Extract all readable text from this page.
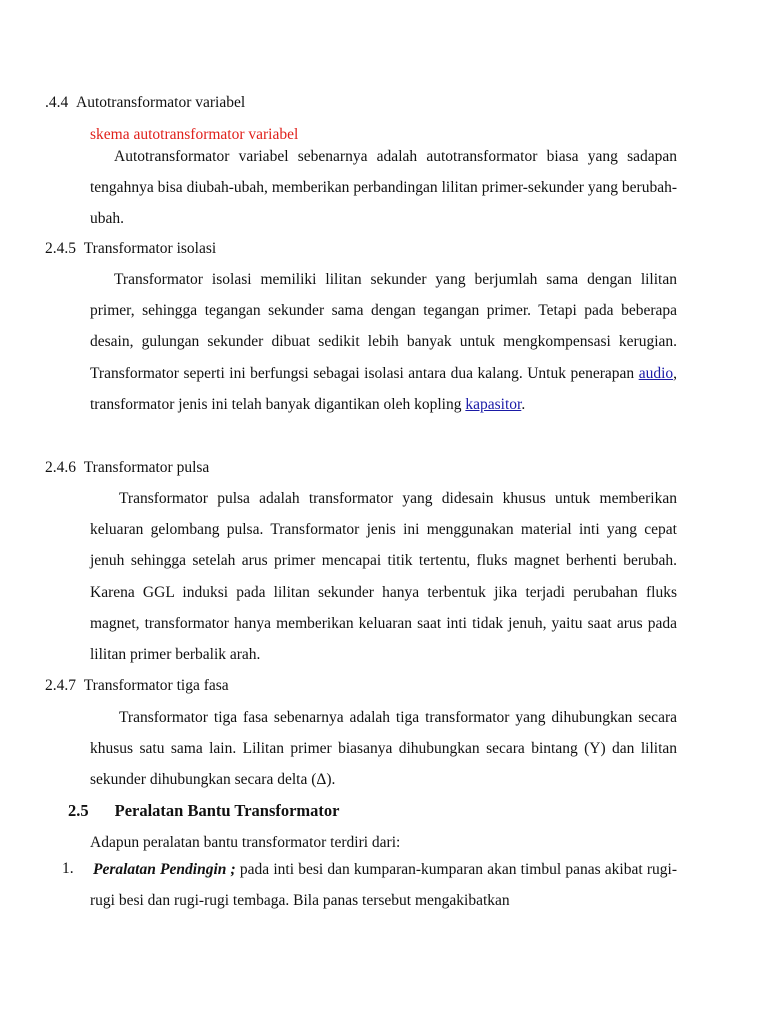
.4.4 Autotransformator variabel
skema autotransformator variabel
Autotransformator variabel sebenarnya adalah autotransformator biasa yang sadapan tengahnya bisa diubah-ubah, memberikan perbandingan lilitan primer-sekunder yang berubah-ubah.
2.4.5 Transformator isolasi
Transformator isolasi memiliki lilitan sekunder yang berjumlah sama dengan lilitan primer, sehingga tegangan sekunder sama dengan tegangan primer. Tetapi pada beberapa desain, gulungan sekunder dibuat sedikit lebih banyak untuk mengkompensasi kerugian. Transformator seperti ini berfungsi sebagai isolasi antara dua kalang. Untuk penerapan audio, transformator jenis ini telah banyak digantikan oleh kopling kapasitor.
2.4.6 Transformator pulsa
Transformator pulsa adalah transformator yang didesain khusus untuk memberikan keluaran gelombang pulsa. Transformator jenis ini menggunakan material inti yang cepat jenuh sehingga setelah arus primer mencapai titik tertentu, fluks magnet berhenti berubah. Karena GGL induksi pada lilitan sekunder hanya terbentuk jika terjadi perubahan fluks magnet, transformator hanya memberikan keluaran saat inti tidak jenuh, yaitu saat arus pada lilitan primer berbalik arah.
2.4.7 Transformator tiga fasa
Transformator tiga fasa sebenarnya adalah tiga transformator yang dihubungkan secara khusus satu sama lain. Lilitan primer biasanya dihubungkan secara bintang (Y) dan lilitan sekunder dihubungkan secara delta (Δ).
2.5 Peralatan Bantu Transformator
Adapun peralatan bantu transformator terdiri dari:
1. Peralatan Pendingin ; pada inti besi dan kumparan-kumparan akan timbul panas akibat rugi-rugi besi dan rugi-rugi tembaga. Bila panas tersebut mengakibatkan
